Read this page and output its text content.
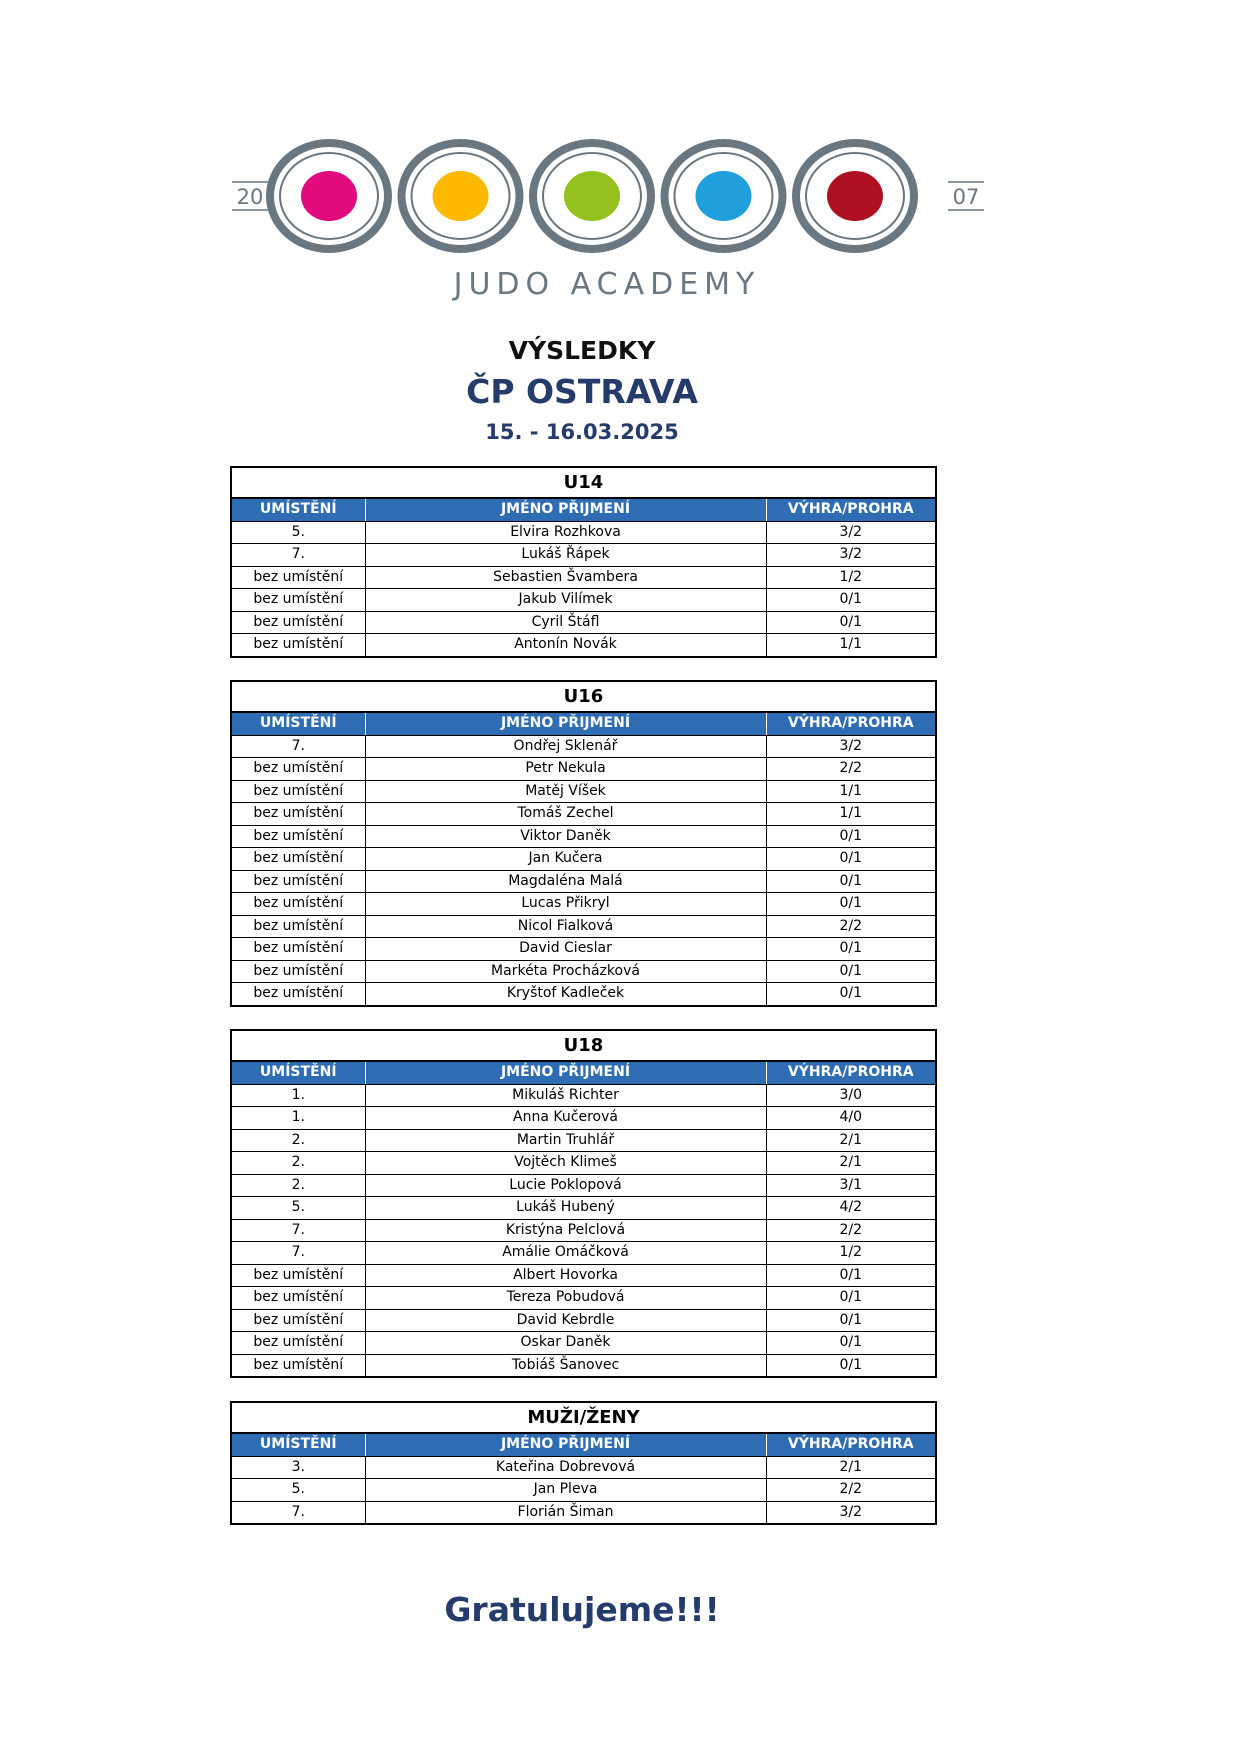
20	07
JUDO ACADEMY
VÝSLEDKY
ČP OSTRAVA
15. - 16.03.2025
U14		
UMÍSTĚNÍ	JMÉNO PŘIJMENÍ	VÝHRA/PROHRA
5.	Elvira Rozhkova	3/2
7.	Lukáš Řápek	3/2
bez umístění	Sebastien Švambera	1/2
bez umístění	Jakub Vilímek	0/1
bez umístění	Cyril Štáfl	0/1
bez umístění	Antonín Novák	1/1
U16		
UMÍSTĚNÍ	JMÉNO PŘIJMENÍ	VÝHRA/PROHRA
7.	Ondřej Sklenář	3/2
bez umístění	Petr Nekula	2/2
bez umístění	Matěj Víšek	1/1
bez umístění	Tomáš Zechel	1/1
bez umístění	Viktor Daněk	0/1
bez umístění	Jan Kučera	0/1
bez umístění	Magdaléna Malá	0/1
bez umístění	Lucas Přikryl	0/1
bez umístění	Nicol Fialková	2/2
bez umístění	David Cieslar	0/1
bez umístění	Markéta Procházková	0/1
bez umístění	Kryštof Kadleček	0/1
U18		
UMÍSTĚNÍ	JMÉNO PŘIJMENÍ	VÝHRA/PROHRA
1.	Mikuláš Richter	3/0
1.	Anna Kučerová	4/0
2.	Martin Truhlář	2/1
2.	Vojtěch Klimeš	2/1
2.	Lucie Poklopová	3/1
5.	Lukáš Hubený	4/2
7.	Kristýna Pelclová	2/2
7.	Amálie Omáčková	1/2
bez umístění	Albert Hovorka	0/1
bez umístění	Tereza Pobudová	0/1
bez umístění	David Kebrdle	0/1
bez umístění	Oskar Daněk	0/1
bez umístění	Tobiáš Šanovec	0/1
MUŽI/ŽENY		
UMÍSTĚNÍ	JMÉNO PŘIJMENÍ	VÝHRA/PROHRA
3.	Kateřina Dobrevová	2/1
5.	Jan Pleva	2/2
7.	Florián Šiman	3/2
Gratulujeme!!!
